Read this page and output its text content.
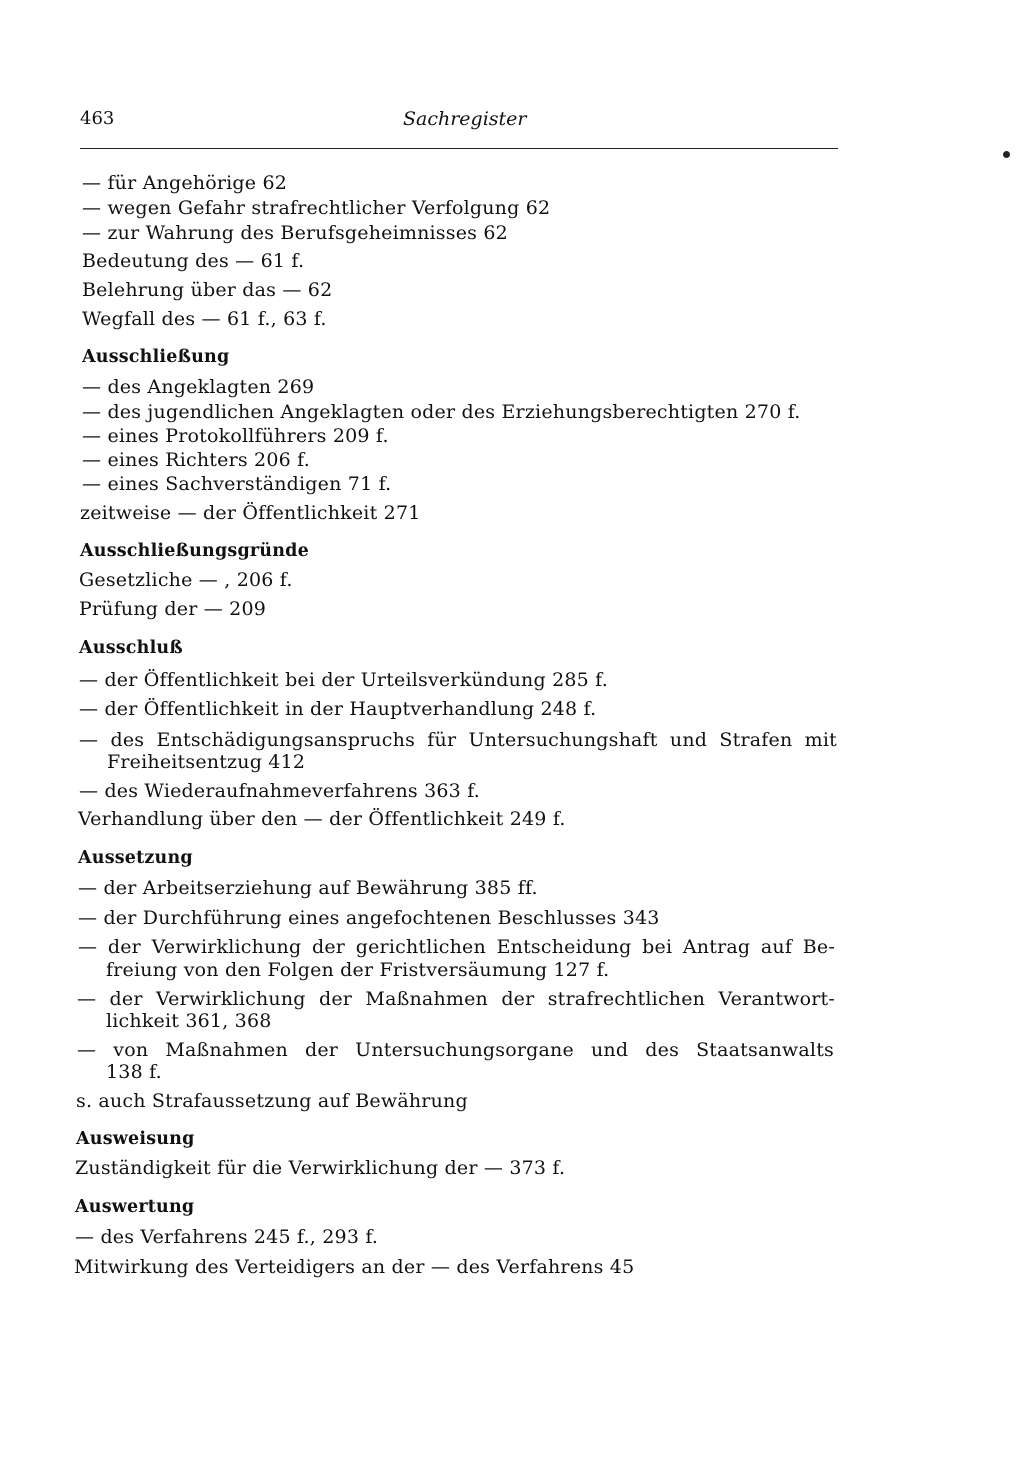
463	Sachregister
— für Angehörige 62
— wegen Gefahr strafrechtlicher Verfolgung 62
— zur Wahrung des Berufsgeheimnisses 62
Bedeutung des — 61 f.
Belehrung über das — 62
Wegfall des — 61 f., 63 f.
Ausschließung
— des Angeklagten 269
— des jugendlichen Angeklagten oder des Erziehungsberechtigten 270 f.
— eines Protokollführers 209 f.
— eines Richters 206 f.
— eines Sachverständigen 71 f.
zeitweise — der Öffentlichkeit 271
Ausschließungsgründe
Gesetzliche — , 206 f.
Prüfung der — 209
Ausschluß
— der Öffentlichkeit bei der Urteilsverkündung 285 f.
— der Öffentlichkeit in der Hauptverhandlung 248 f.
— des Entschädigungsanspruchs für Untersuchungshaft und Strafen mit
Freiheitsentzug 412
— des Wiederaufnahmeverfahrens 363 f.
Verhandlung über den — der Öffentlichkeit 249 f.
Aussetzung
— der Arbeitserziehung auf Bewährung 385 ff.
— der Durchführung eines angefochtenen Beschlusses 343
— der Verwirklichung der gerichtlichen Entscheidung bei Antrag auf Be-
freiung von den Folgen der Fristversäumung 127 f.
— der Verwirklichung der Maßnahmen der strafrechtlichen Verantwort-
lichkeit 361, 368
— von Maßnahmen der Untersuchungsorgane und des Staatsanwalts
138 f.
s. auch Strafaussetzung auf Bewährung
Ausweisung
Zuständigkeit für die Verwirklichung der — 373 f.
Auswertung
— des Verfahrens 245 f., 293 f.
Mitwirkung des Verteidigers an der — des Verfahrens 45
